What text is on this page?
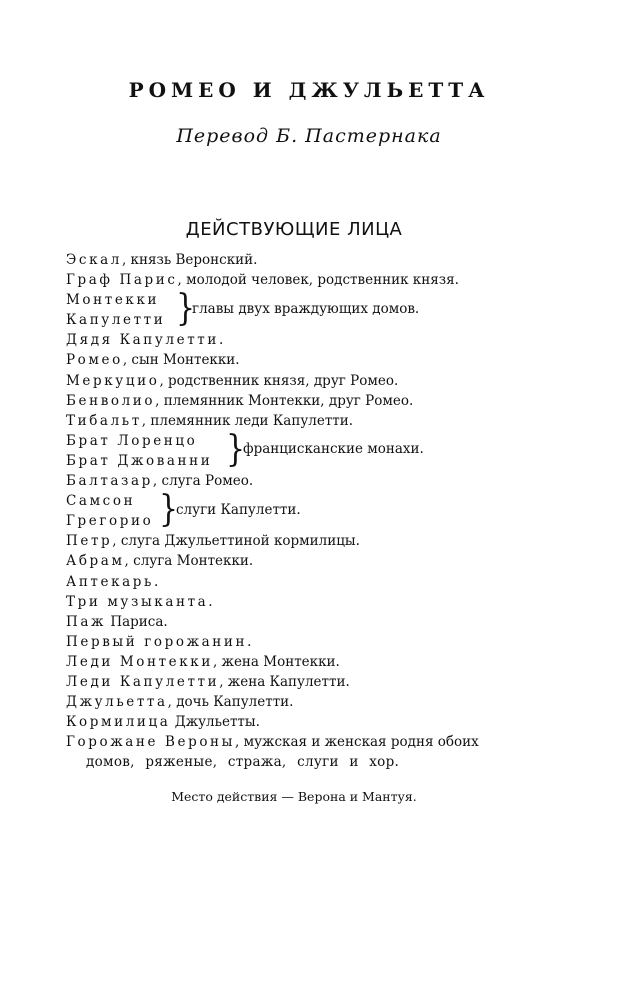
РОМЕО И ДЖУЛЬЕТТА
Перевод Б. Пастернака
ДЕЙСТВУЮЩИЕ ЛИЦА
Эскал, князь Веронский.
Граф Парис, молодой человек, родственник князя.
Монтекки
Капулетти }
главы двух враждующих домов.
Дядя Капулетти.
Ромео, сын Монтекки.
Меркуцио, родственник князя, друг Ромео.
Бенволио, племянник Монтекки, друг Ромео.
Тибальт, племянник леди Капулетти.
Брат Лоренцо
Брат Джованни }
францисканские монахи.
Балтазар, слуга Ромео.
Самсон
Грегорио }
слуги Капулетти.
Петр, слуга Джульеттиной кормилицы.
Абрам, слуга Монтекки.
Аптекарь.
Три музыканта.
Паж Париса.
Первый горожанин.
Леди Монтекки, жена Монтекки.
Леди Капулетти, жена Капулетти.
Джульетта, дочь Капулетти.
Кормилица Джульетты.
Горожане Вероны, мужская и женская родня обоих
домов, ряженые, стража, слуги и хор.
Место действия — Верона и Мантуя.
